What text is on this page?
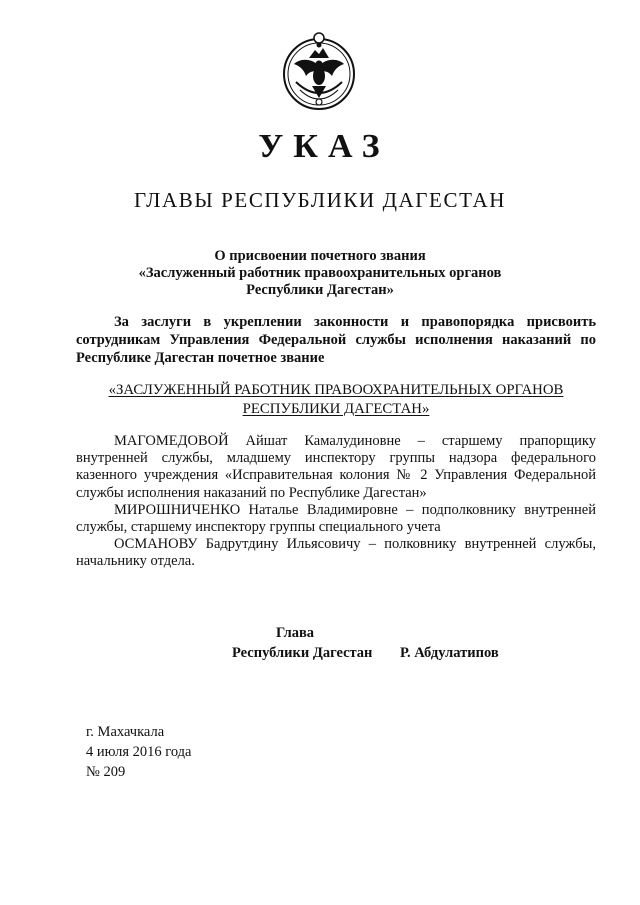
УКАЗ
ГЛАВЫ РЕСПУБЛИКИ ДАГЕСТАН
О присвоении почетного звания
«Заслуженный работник правоохранительных органов
Республики Дагестан»
За заслуги в укреплении законности и правопорядка присвоить
сотрудникам Управления Федеральной службы исполнения наказаний по
Республике Дагестан почетное звание
«ЗАСЛУЖЕННЫЙ РАБОТНИК ПРАВООХРАНИТЕЛЬНЫХ ОРГАНОВ
РЕСПУБЛИКИ ДАГЕСТАН»
МАГОМЕДОВОЙ Айшат Камалудиновне – старшему прапорщику
внутренней службы, младшему инспектору группы надзора федерального
казенного учреждения «Исправительная колония № 2 Управления Федеральной
службы исполнения наказаний по Республике Дагестан»
МИРОШНИЧЕНКО Наталье Владимировне – подполковнику внутренней
службы, старшему инспектору группы специального учета
ОСМАНОВУ Бадрутдину Ильясовичу – полковнику внутренней службы,
начальнику отдела.
Глава
Республики Дагестан Р. Абдулатипов
г. Махачкала
4 июля 2016 года
№ 209
